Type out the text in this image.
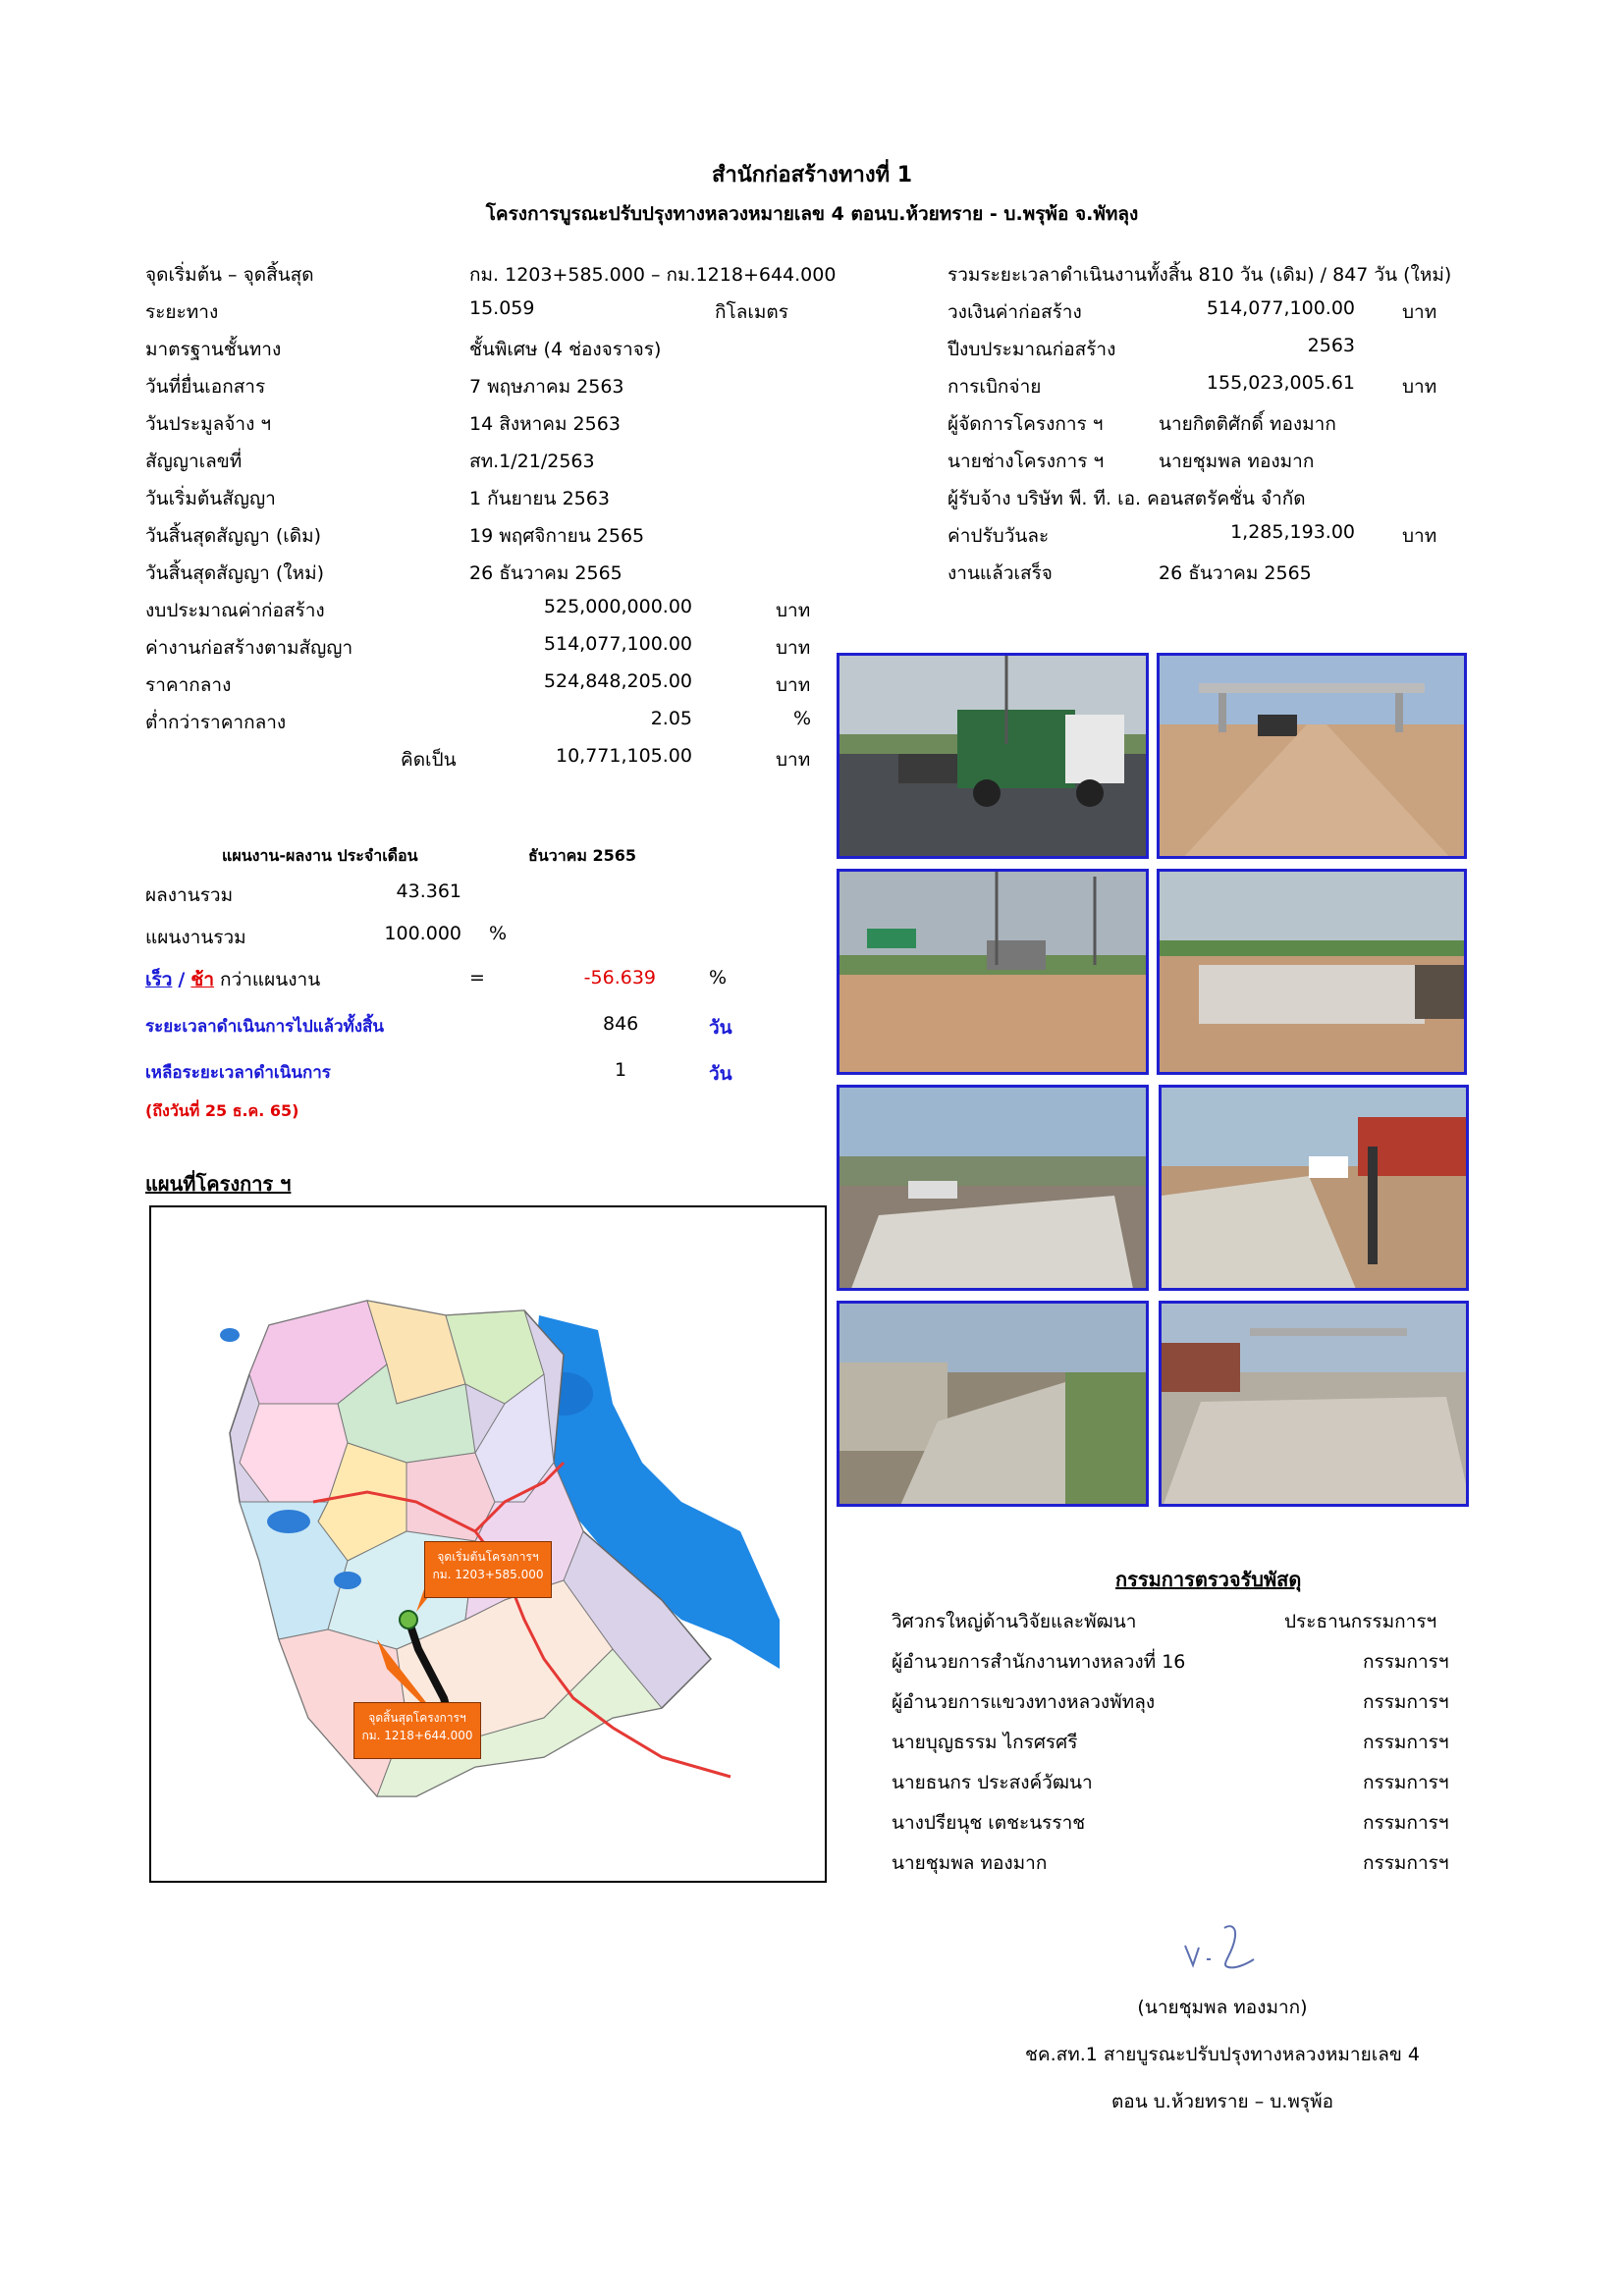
สำนักก่อสร้างทางที่ 1
โครงการบูรณะปรับปรุงทางหลวงหมายเลข 4 ตอนบ.ห้วยทราย - บ.พรุพ้อ จ.พัทลุง
จุดเริ่มต้น – จุดสิ้นสุด	กม. 1203+585.000 – กม.1218+644.000
ระยะทาง	15.059	กิโลเมตร
มาตรฐานชั้นทาง	ชั้นพิเศษ (4 ช่องจราจร)
วันที่ยื่นเอกสาร	7 พฤษภาคม 2563
วันประมูลจ้าง ฯ	14 สิงหาคม 2563
สัญญาเลขที่	สท.1/21/2563
วันเริ่มต้นสัญญา	1 กันยายน 2563
วันสิ้นสุดสัญญา (เดิม)	19 พฤศจิกายน 2565
วันสิ้นสุดสัญญา (ใหม่)	26 ธันวาคม 2565
งบประมาณค่าก่อสร้าง	525,000,000.00	บาท
ค่างานก่อสร้างตามสัญญา	514,077,100.00	บาท
ราคากลาง	524,848,205.00	บาท
ต่ำกว่าราคากลาง	2.05	%
คิดเป็น	10,771,105.00	บาท
รวมระยะเวลาดำเนินงานทั้งสิ้น 810 วัน (เดิม) / 847 วัน (ใหม่)
วงเงินค่าก่อสร้าง	514,077,100.00	บาท
ปีงบประมาณก่อสร้าง	2563
การเบิกจ่าย	155,023,005.61	บาท
ผู้จัดการโครงการ ฯ	นายกิตติศักดิ์ ทองมาก
นายช่างโครงการ ฯ	นายชุมพล ทองมาก
ผู้รับจ้าง บริษัท พี. ที. เอ. คอนสตรัคชั่น จำกัด
ค่าปรับวันละ	1,285,193.00	บาท
งานแล้วเสร็จ	26 ธันวาคม 2565
แผนงาน-ผลงาน ประจำเดือน	ธันวาคม 2565
ผลงานรวม	43.361
แผนงานรวม	100.000 %
เร็ว / ช้า กว่าแผนงาน	=	-56.639	%
ระยะเวลาดำเนินการไปแล้วทั้งสิ้น	846	วัน
เหลือระยะเวลาดำเนินการ	1	วัน
(ถึงวันที่ 25 ธ.ค. 65)
แผนที่โครงการ ฯ
จุดเริ่มต้นโครงการฯ
กม. 1203+585.000
จุดสิ้นสุดโครงการฯ
กม. 1218+644.000
กรรมการตรวจรับพัสดุ
วิศวกรใหญ่ด้านวิจัยและพัฒนา	ประธานกรรมการฯ
ผู้อำนวยการสำนักงานทางหลวงที่ 16	กรรมการฯ
ผู้อำนวยการแขวงทางหลวงพัทลุง	กรรมการฯ
นายบุญธรรม ไกรศรศรี	กรรมการฯ
นายธนกร ประสงค์วัฒนา	กรรมการฯ
นางปรียนุช เตชะนรราช	กรรมการฯ
นายชุมพล ทองมาก	กรรมการฯ
(นายชุมพล ทองมาก)
ชค.สท.1 สายบูรณะปรับปรุงทางหลวงหมายเลข 4
ตอน บ.ห้วยทราย – บ.พรุพ้อ
